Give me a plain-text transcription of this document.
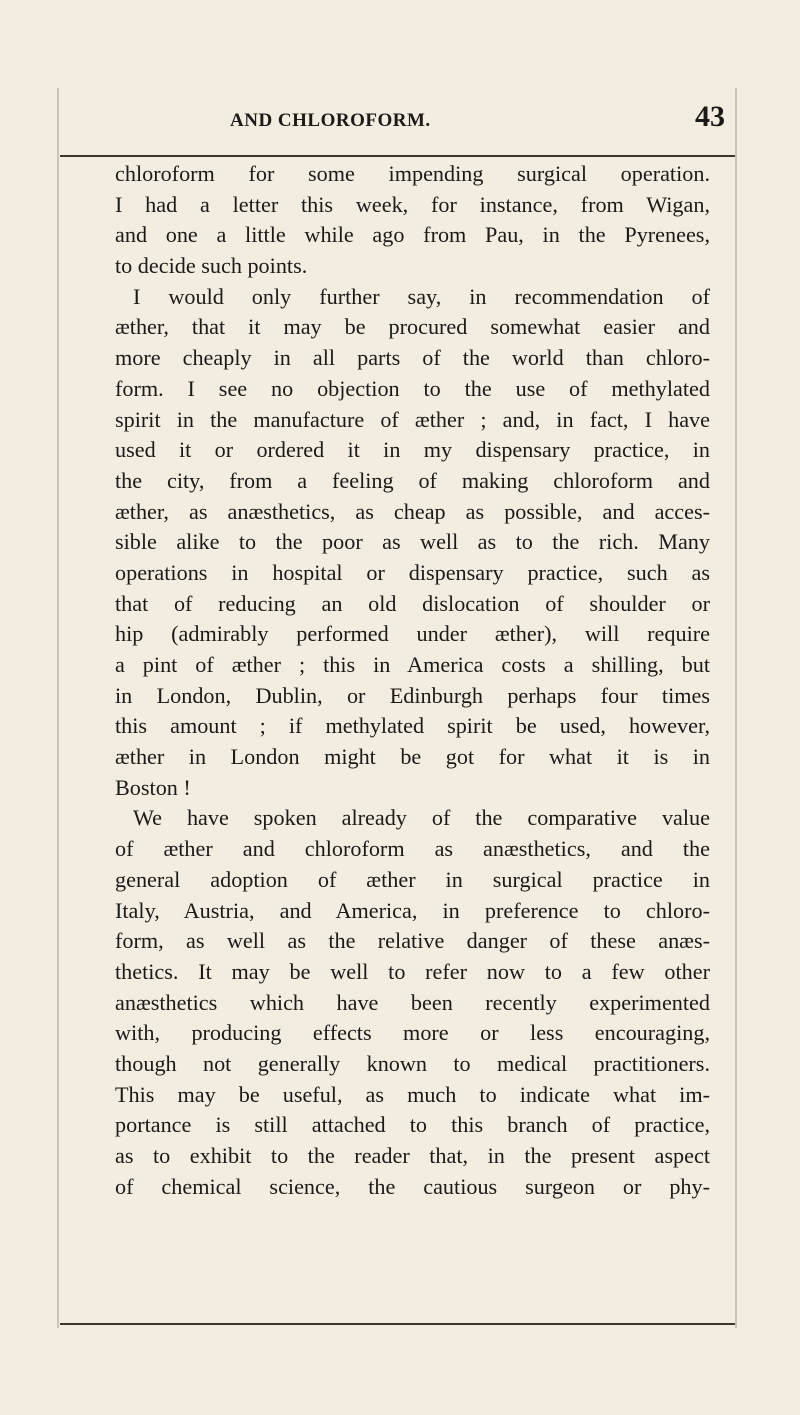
AND CHLOROFORM.	43
chloroform for some impending surgical operation.
I had a letter this week, for instance, from Wigan,
and one a little while ago from Pau, in the Pyrenees,
to decide such points.
I would only further say, in recommendation of
æther, that it may be procured somewhat easier and
more cheaply in all parts of the world than chloro-
form. I see no objection to the use of methylated
spirit in the manufacture of æther ; and, in fact, I have
used it or ordered it in my dispensary practice, in
the city, from a feeling of making chloroform and
æther, as anæsthetics, as cheap as possible, and acces-
sible alike to the poor as well as to the rich. Many
operations in hospital or dispensary practice, such as
that of reducing an old dislocation of shoulder or
hip (admirably performed under æther), will require
a pint of æther ; this in America costs a shilling, but
in London, Dublin, or Edinburgh perhaps four times
this amount ; if methylated spirit be used, however,
æther in London might be got for what it is in
Boston !
We have spoken already of the comparative value
of æther and chloroform as anæsthetics, and the
general adoption of æther in surgical practice in
Italy, Austria, and America, in preference to chloro-
form, as well as the relative danger of these anæs-
thetics. It may be well to refer now to a few other
anæsthetics which have been recently experimented
with, producing effects more or less encouraging,
though not generally known to medical practitioners.
This may be useful, as much to indicate what im-
portance is still attached to this branch of practice,
as to exhibit to the reader that, in the present aspect
of chemical science, the cautious surgeon or phy-
